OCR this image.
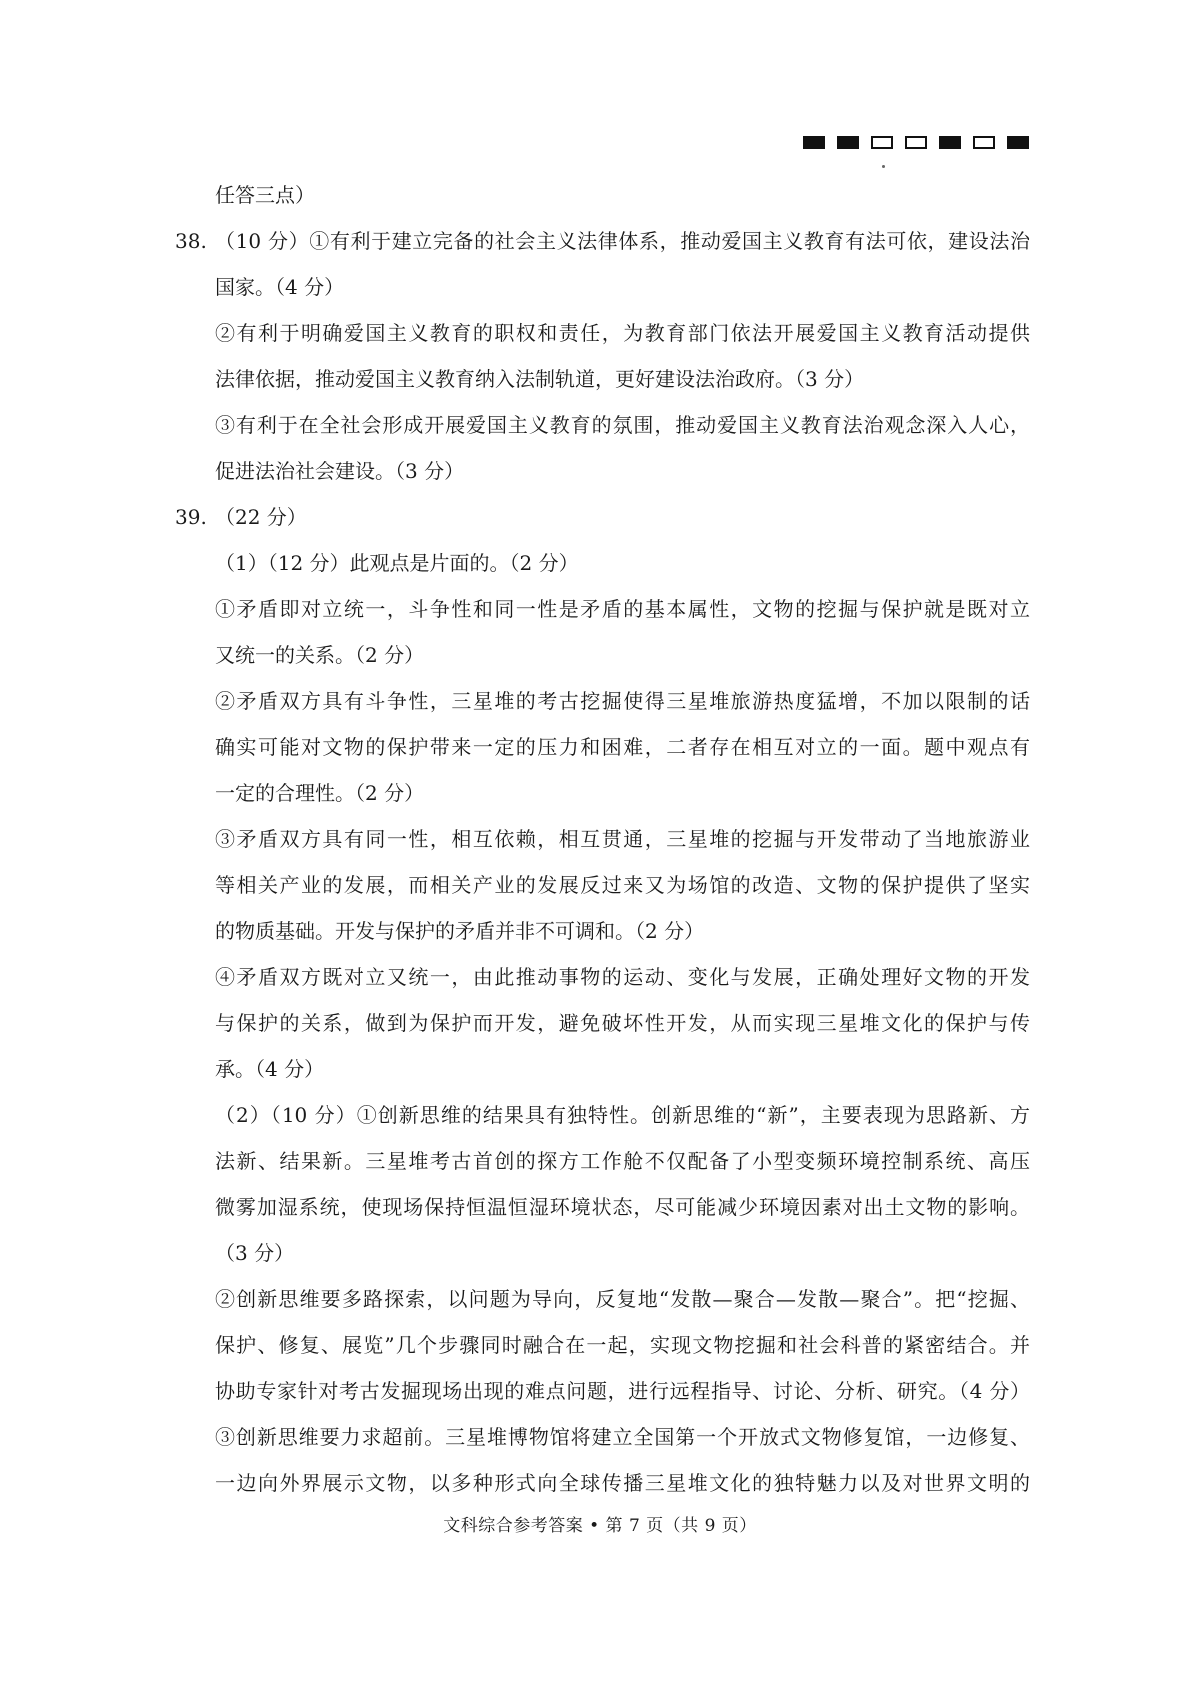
任答三点）
38. （10 分）①有利于建立完备的社会主义法律体系，推动爱国主义教育有法可依，建设法治
国家。（4 分）
②有利于明确爱国主义教育的职权和责任，为教育部门依法开展爱国主义教育活动提供
法律依据，推动爱国主义教育纳入法制轨道，更好建设法治政府。（3 分）
③有利于在全社会形成开展爱国主义教育的氛围，推动爱国主义教育法治观念深入人心，
促进法治社会建设。（3 分）
39. （22 分）
（1）（12 分）此观点是片面的。（2 分）
①矛盾即对立统一，斗争性和同一性是矛盾的基本属性，文物的挖掘与保护就是既对立
又统一的关系。（2 分）
②矛盾双方具有斗争性，三星堆的考古挖掘使得三星堆旅游热度猛增，不加以限制的话
确实可能对文物的保护带来一定的压力和困难，二者存在相互对立的一面。题中观点有
一定的合理性。（2 分）
③矛盾双方具有同一性，相互依赖，相互贯通，三星堆的挖掘与开发带动了当地旅游业
等相关产业的发展，而相关产业的发展反过来又为场馆的改造、文物的保护提供了坚实
的物质基础。开发与保护的矛盾并非不可调和。（2 分）
④矛盾双方既对立又统一，由此推动事物的运动、变化与发展，正确处理好文物的开发
与保护的关系，做到为保护而开发，避免破坏性开发，从而实现三星堆文化的保护与传
承。（4 分）
（2）（10 分）①创新思维的结果具有独特性。创新思维的“新”，主要表现为思路新、方
法新、结果新。三星堆考古首创的探方工作舱不仅配备了小型变频环境控制系统、高压
微雾加湿系统，使现场保持恒温恒湿环境状态，尽可能减少环境因素对出土文物的影响。
（3 分）
②创新思维要多路探索，以问题为导向，反复地“发散—聚合—发散—聚合”。把“挖掘、
保护、修复、展览”几个步骤同时融合在一起，实现文物挖掘和社会科普的紧密结合。并
协助专家针对考古发掘现场出现的难点问题，进行远程指导、讨论、分析、研究。（4 分）
③创新思维要力求超前。三星堆博物馆将建立全国第一个开放式文物修复馆，一边修复、
一边向外界展示文物，以多种形式向全球传播三星堆文化的独特魅力以及对世界文明的
文科综合参考答案 • 第 7 页（共 9 页）
